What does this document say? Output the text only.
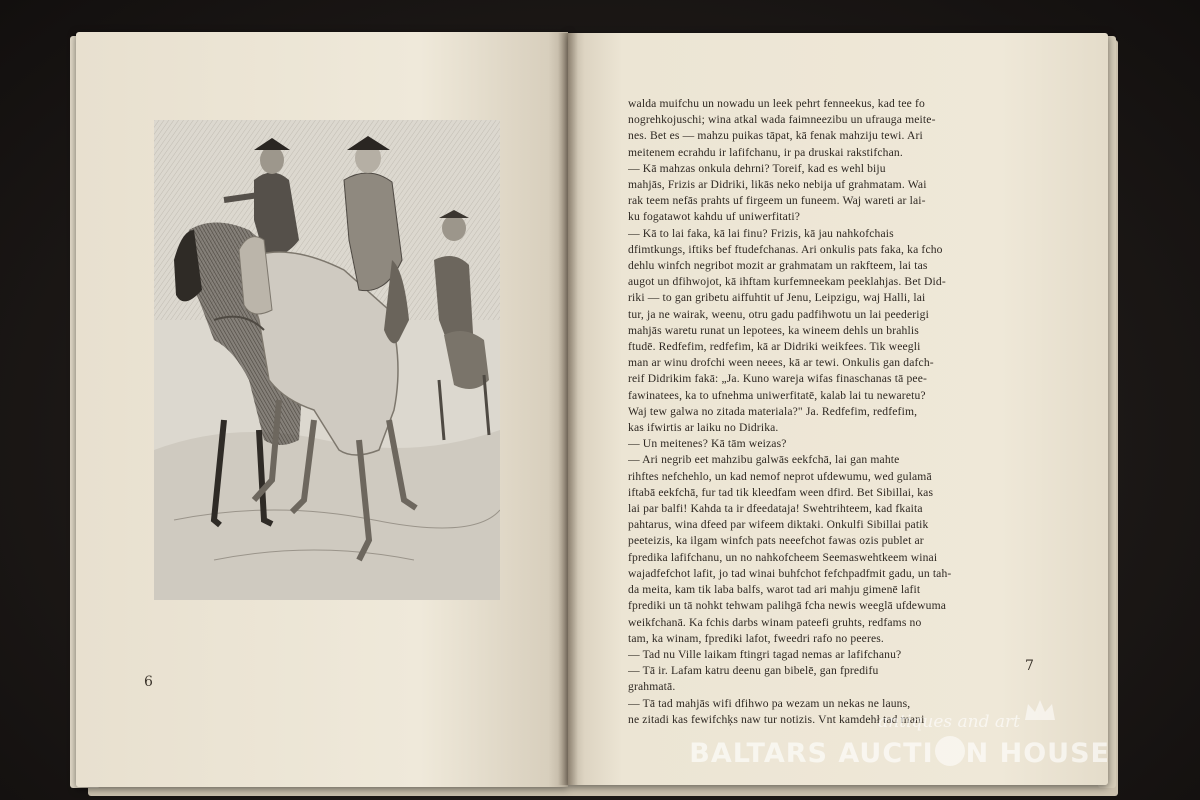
6
7
walda muifchu un nowadu un leek pehrt fenneekus, kad tee fo
nogrehkojuschi; wina atkal wada faimneezibu un ufrauga meite-
nes. Bet es — mahzu puikas tāpat, kā fenak mahziju tewi. Ari
meitenem ecrahdu ir lafifchanu, ir pa druskai rakstifchan.
— Kā mahzas onkula dehrni? Toreif, kad es wehl biju
mahjās, Frizis ar Didriki, likās neko nebija uf grahmatam. Wai
rak teem nefās prahts uf firgeem un funeem. Waj wareti ar lai-
ku fogatawot kahdu uf uniwerfitati?
— Kā to lai faka, kā lai finu? Frizis, kā jau nahkofchais
dfimtkungs, iftiks bef ftudefchanas. Ari onkulis pats faka, ka fcho
dehlu winfch negribot mozit ar grahmatam un rakfteem, lai tas
augot un dfihwojot, kā ihftam kurfemneekam peeklahjas. Bet Did-
riki — to gan gribetu aiffuhtit uf Jenu, Leipzigu, waj Halli, lai
tur, ja ne wairak, weenu, otru gadu padfihwotu un lai peederigi
mahjās waretu runat un lepotees, ka wineem dehls un brahlis
ftudē. Redfefim, redfefim, kā ar Didriki weikfees. Tik weegli
man ar winu drofchi ween neees, kā ar tewi. Onkulis gan dafch-
reif Didrikim fakā: „Ja. Kuno wareja wifas finaschanas tā pee-
fawinatees, ka to ufnehma uniwerfitatē, kalab lai tu newaretu?
Waj tew galwa no zitada materiala?" Ja. Redfefim, redfefim,
kas ifwirtis ar laiku no Didrika.
— Un meitenes? Kā tām weizas?
— Ari negrib eet mahzibu galwās eekfchā, lai gan mahte
rihftes nefchehlo, un kad nemof neprot ufdewumu, wed gulamā
iftabā eekfchā, fur tad tik kleedfam ween dfird. Bet Sibillai, kas
lai par balfi! Kahda ta ir dfeedataja! Swehtrihteem, kad fkaita
pahtarus, wina dfeed par wifeem diktaki. Onkulfi Sibillai patik
peeteizis, ka ilgam winfch pats neeefchot fawas ozis publet ar
fpredika lafifchanu, un no nahkofcheem Seemaswehtkeem winai
wajadfefchot lafit, jo tad winai buhfchot fefchpadfmit gadu, un tah-
da meita, kam tik laba balfs, warot tad ari mahju gimenē lafit
fprediki un tā nohkt tehwam palihgā fcha newis weeglā ufdewuma
weikfchanā. Ka fchis darbs winam pateefi gruhts, redfams no
tam, ka winam, fprediki lafot, fweedri rafo no peeres.
— Tad nu Ville laikam ftingri tagad nemas ar lafifchanu?
— Tā ir. Lafam katru deenu gan bibelē, gan fpredifu
grahmatā.
— Tā tad mahjās wifi dfihwo pa wezam un nekas ne launs,
ne zitadi kas fewifchķs naw tur notizis. Vnt kamdehł tad mani
antiques and art
BALTARS AUCTI N HOUSE
